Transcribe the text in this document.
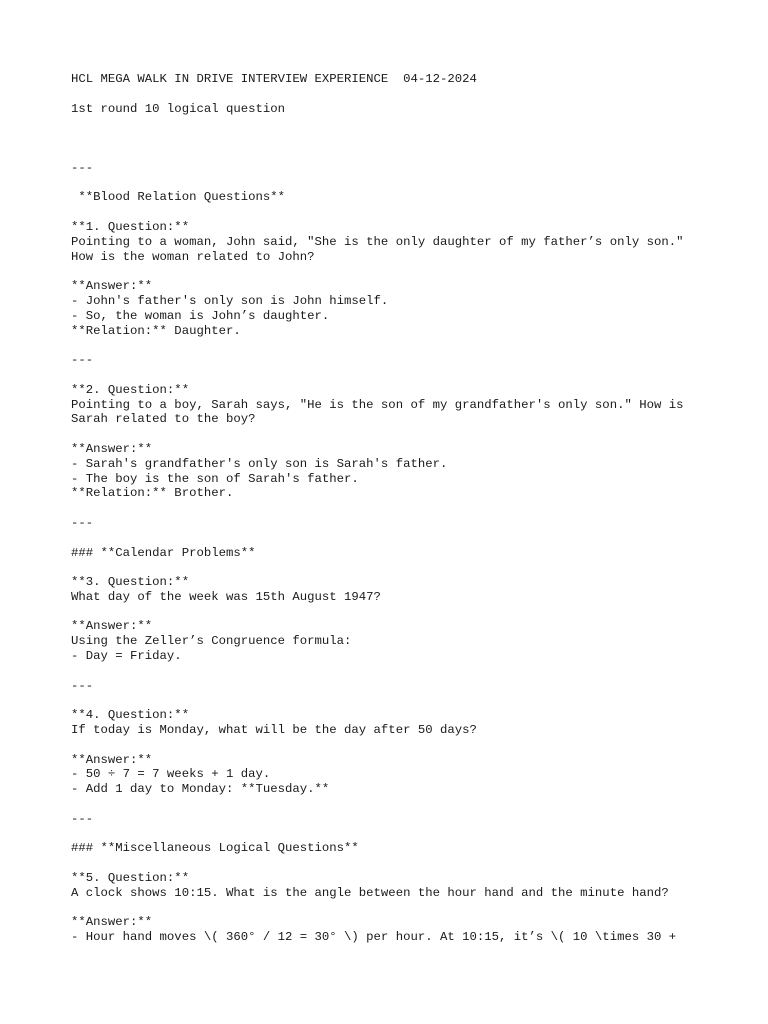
HCL MEGA WALK IN DRIVE INTERVIEW EXPERIENCE  04-12-2024
1st round 10 logical question
---
**Blood Relation Questions**
**1. Question:**
Pointing to a woman, John said, "She is the only daughter of my father’s only son."
How is the woman related to John?
**Answer:**
- John's father's only son is John himself.
- So, the woman is John’s daughter.
**Relation:** Daughter.
---
**2. Question:**
Pointing to a boy, Sarah says, "He is the son of my grandfather's only son." How is
Sarah related to the boy?
**Answer:**
- Sarah's grandfather's only son is Sarah's father.
- The boy is the son of Sarah's father.
**Relation:** Brother.
---
### **Calendar Problems**
**3. Question:**
What day of the week was 15th August 1947?
**Answer:**
Using the Zeller’s Congruence formula:
- Day = Friday.
---
**4. Question:**
If today is Monday, what will be the day after 50 days?
**Answer:**
- 50 ÷ 7 = 7 weeks + 1 day.
- Add 1 day to Monday: **Tuesday.**
---
### **Miscellaneous Logical Questions**
**5. Question:**
A clock shows 10:15. What is the angle between the hour hand and the minute hand?
**Answer:**
- Hour hand moves \( 360° / 12 = 30° \) per hour. At 10:15, it’s \( 10 \times 30 +
